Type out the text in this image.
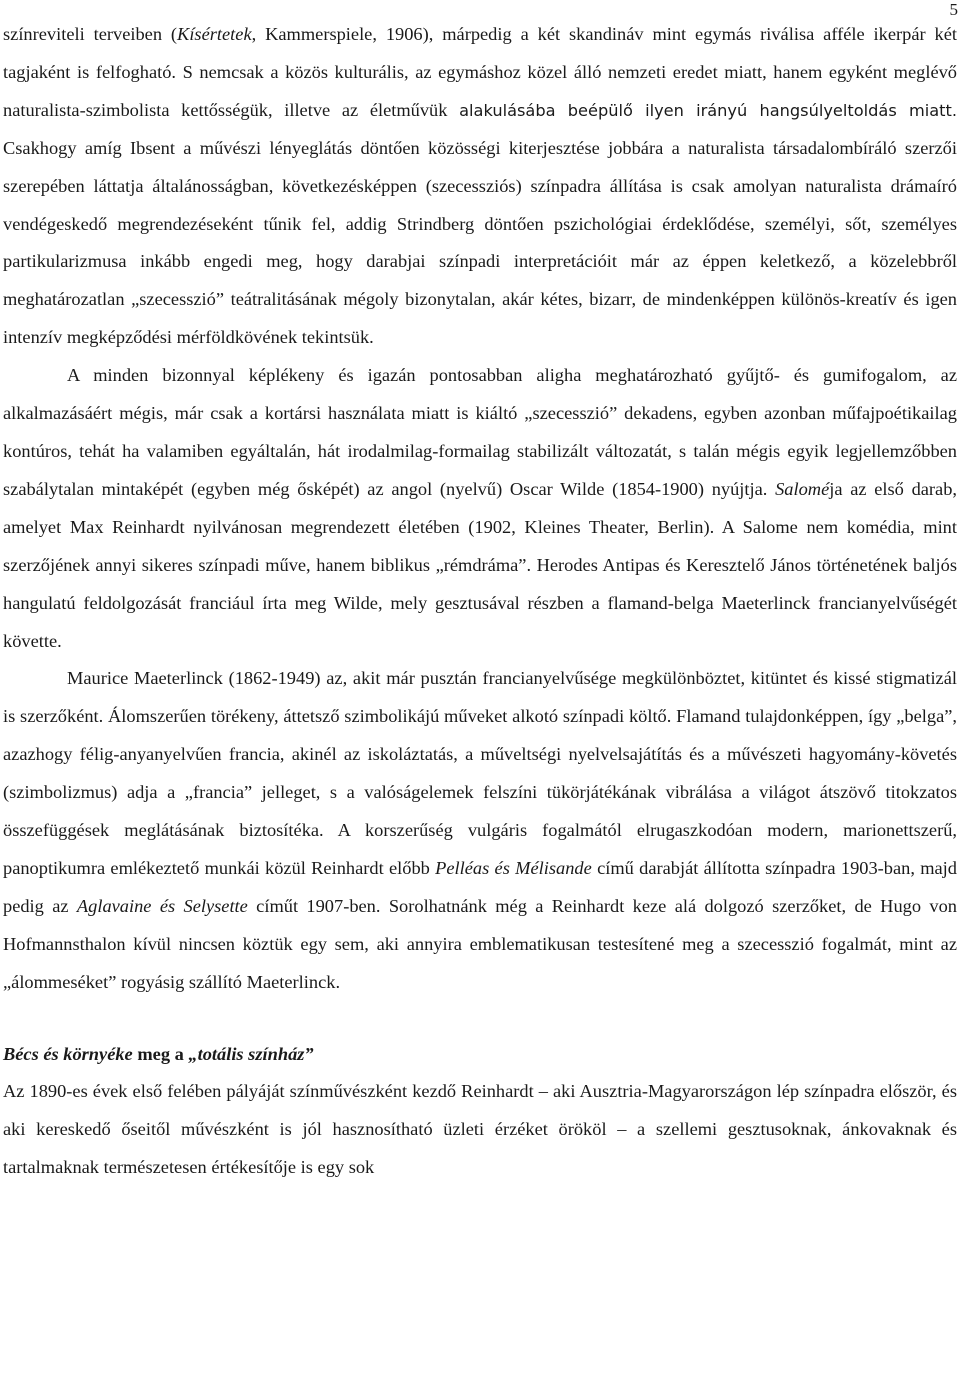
5

színreviteli terveiben (Kísértetek, Kammerspiele, 1906), márpedig a két skandináv mint egymás riválisa afféle ikerpár két tagjaként is felfogható. S nemcsak a közös kulturális, az egymáshoz közel álló nemzeti eredet miatt, hanem egyként meglévő naturalista-szimbolista kettősségük, illetve az életművük alakulásába beépülő ilyen irányú hangsúlyeltoldás miatt. Csakhogy amíg Ibsent a művészi lényeglátás döntően közösségi kiterjesztése jobbára a naturalista társadalombíráló szerzői szerepében láttatja általánosságban, következésképpen (szecessziós) színpadra állítása is csak amolyan naturalista drámaíró vendégeskedő megrendezéseként tűnik fel, addig Strindberg döntően pszichológiai érdeklődése, személyi, sőt, személyes partikularizmusa inkább engedi meg, hogy darabjai színpadi interpretációit már az éppen keletkező, a közelebbről meghatározatlan „szecesszió” teátralitásának mégoly bizonytalan, akár kétes, bizarr, de mindenképpen különös-kreatív és igen intenzív megképződési mérföldkövének tekintsük.

A minden bizonnyal képlékeny és igazán pontosabban aligha meghatározható gyűjtő- és gumifogalom, az alkalmazásáért mégis, már csak a kortársi használata miatt is kiáltó „szecesszió” dekadens, egyben azonban műfajpoétikailag kontúros, tehát ha valamiben egyáltalán, hát irodalmilag-formailag stabilizált változatát, s talán mégis egyik legjellemzőbben szabálytalan mintaképét (egyben még ősképét) az angol (nyelvű) Oscar Wilde (1854-1900) nyújtja. Saloméja az első darab, amelyet Max Reinhardt nyilvánosan megrendezett életében (1902, Kleines Theater, Berlin). A Salome nem komédia, mint szerzőjének annyi sikeres színpadi műve, hanem biblikus „rémdráma”. Herodes Antipas és Keresztelő János történetének baljós hangulatú feldolgozását franciául írta meg Wilde, mely gesztusával részben a flamand-belga Maeterlinck francianyelvűségét követte.

Maurice Maeterlinck (1862-1949) az, akit már pusztán francianyelvűsége megkülönböztet, kitüntet és kissé stigmatizál is szerzőként. Álomszerűen törékeny, áttetsző szimbolikájú műveket alkotó színpadi költő. Flamand tulajdonképpen, így „belga”, azazhogy félig-anyanyelvűen francia, akinél az iskoláztatás, a műveltségi nyelvelsajátítás és a művészeti hagyomány-követés (szimbolizmus) adja a „francia” jelleget, s a valóságelemek felszíni tükörjátékának vibrálása a világot átszövő titokzatos összefüggések meglátásának biztosítéka. A korszerűség vulgáris fogalmától elrugaszkodóan modern, marionettszerű, panoptikumra emlékeztető munkái közül Reinhardt előbb Pelléas és Mélisande című darabját állította színpadra 1903-ban, majd pedig az Aglavaine és Selysette címűt 1907-ben. Sorolhatnánk még a Reinhardt keze alá dolgozó szerzőket, de Hugo von Hofmannsthalon kívül nincsen köztük egy sem, aki annyira emblematikusan testesítené meg a szecesszió fogalmát, mint az „álommeséket” rogyásig szállító Maeterlinck.

Bécs és környéke meg a „totális színház”

Az 1890-es évek első felében pályáját színművészként kezdő Reinhardt – aki Ausztria-Magyarországon lép színpadra először, és aki kereskedő őseitől művészként is jól hasznosítható üzleti érzéket örököl – a szellemi gesztusoknak, ánkovaknak és tartalmaknak természetesen értékesítője is egy sok
